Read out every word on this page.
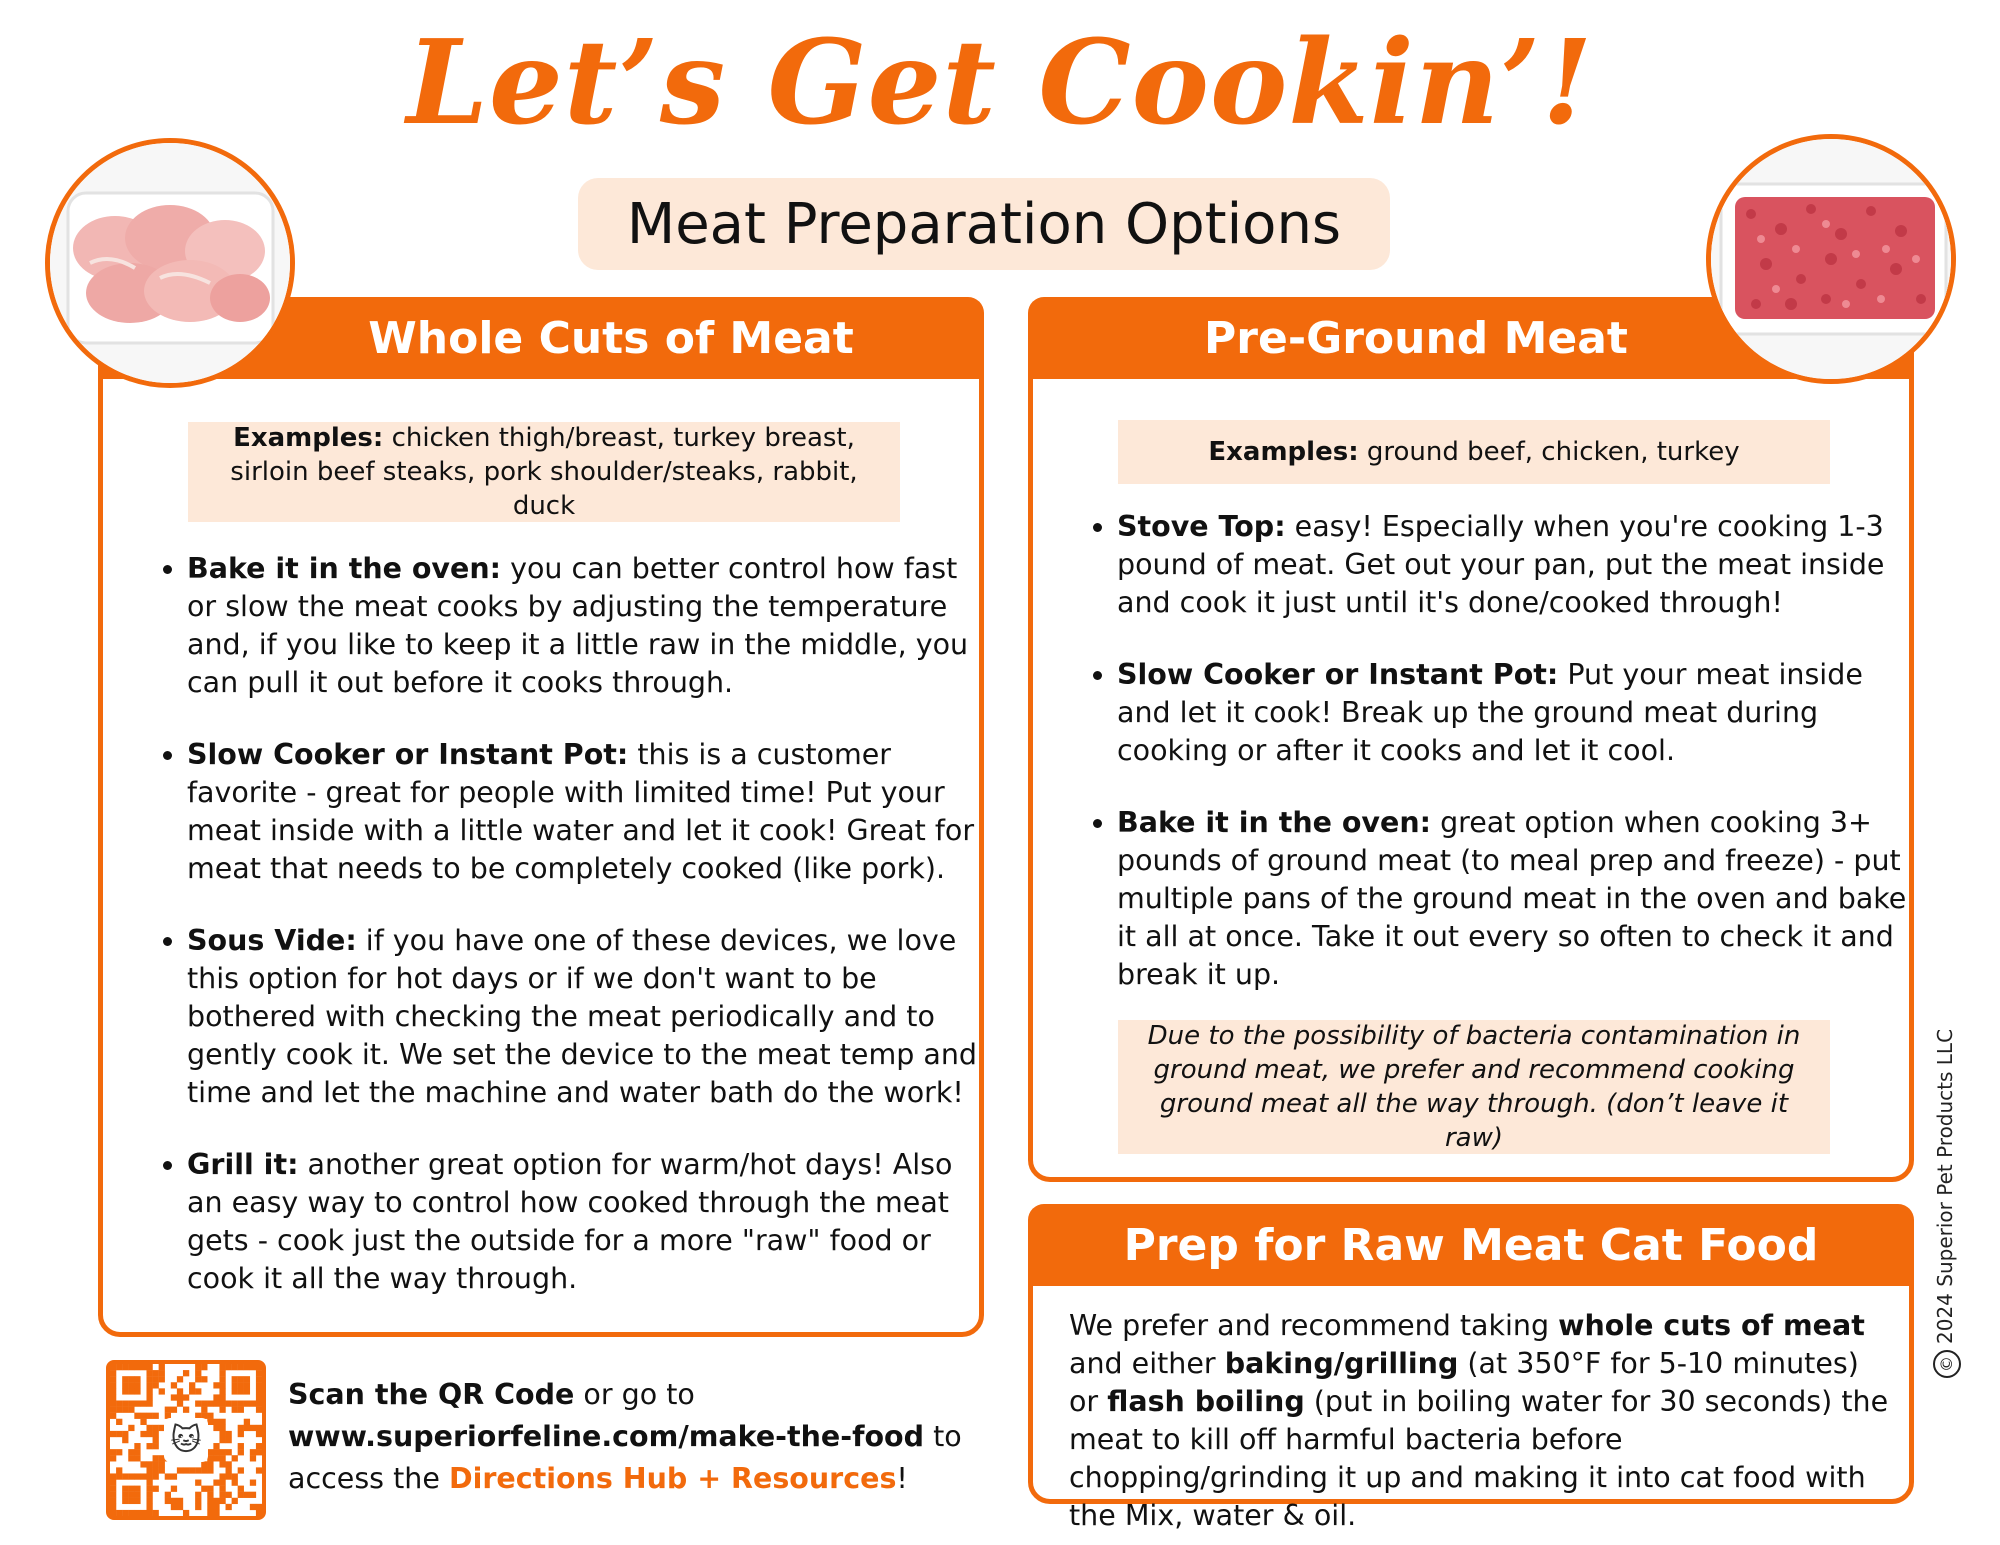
Let’s Get Cookin’!
Meat Preparation Options
Whole Cuts of Meat
Examples: chicken thigh/breast, turkey breast, sirloin beef steaks, pork shoulder/steaks, rabbit, duck
• Bake it in the oven: you can better control how fast or slow the meat cooks by adjusting the temperature and, if you like to keep it a little raw in the middle, you can pull it out before it cooks through.
• Slow Cooker or Instant Pot: this is a customer favorite - great for people with limited time! Put your meat inside with a little water and let it cook! Great for meat that needs to be completely cooked (like pork).
• Sous Vide: if you have one of these devices, we love this option for hot days or if we don't want to be bothered with checking the meat periodically and to gently cook it. We set the device to the meat temp and time and let the machine and water bath do the work!
• Grill it: another great option for warm/hot days! Also an easy way to control how cooked through the meat gets - cook just the outside for a more "raw" food or cook it all the way through.
Pre-Ground Meat
Examples: ground beef, chicken, turkey
• Stove Top: easy! Especially when you're cooking 1-3 pound of meat. Get out your pan, put the meat inside and cook it just until it's done/cooked through!
• Slow Cooker or Instant Pot: Put your meat inside and let it cook! Break up the ground meat during cooking or after it cooks and let it cool.
• Bake it in the oven: great option when cooking 3+ pounds of ground meat (to meal prep and freeze) - put multiple pans of the ground meat in the oven and bake it all at once. Take it out every so often to check it and break it up.
Due to the possibility of bacteria contamination in ground meat, we prefer and recommend cooking ground meat all the way through. (don’t leave it raw)
Prep for Raw Meat Cat Food
We prefer and recommend taking whole cuts of meat and either baking/grilling (at 350°F for 5-10 minutes) or flash boiling (put in boiling water for 30 seconds) the meat to kill off harmful bacteria before chopping/grinding it up and making it into cat food with the Mix, water & oil.
🐱
Scan the QR Code or go to
www.superiorfeline.com/make-the-food to
access the Directions Hub + Resources!
©2024 Superior Pet Products LLC
